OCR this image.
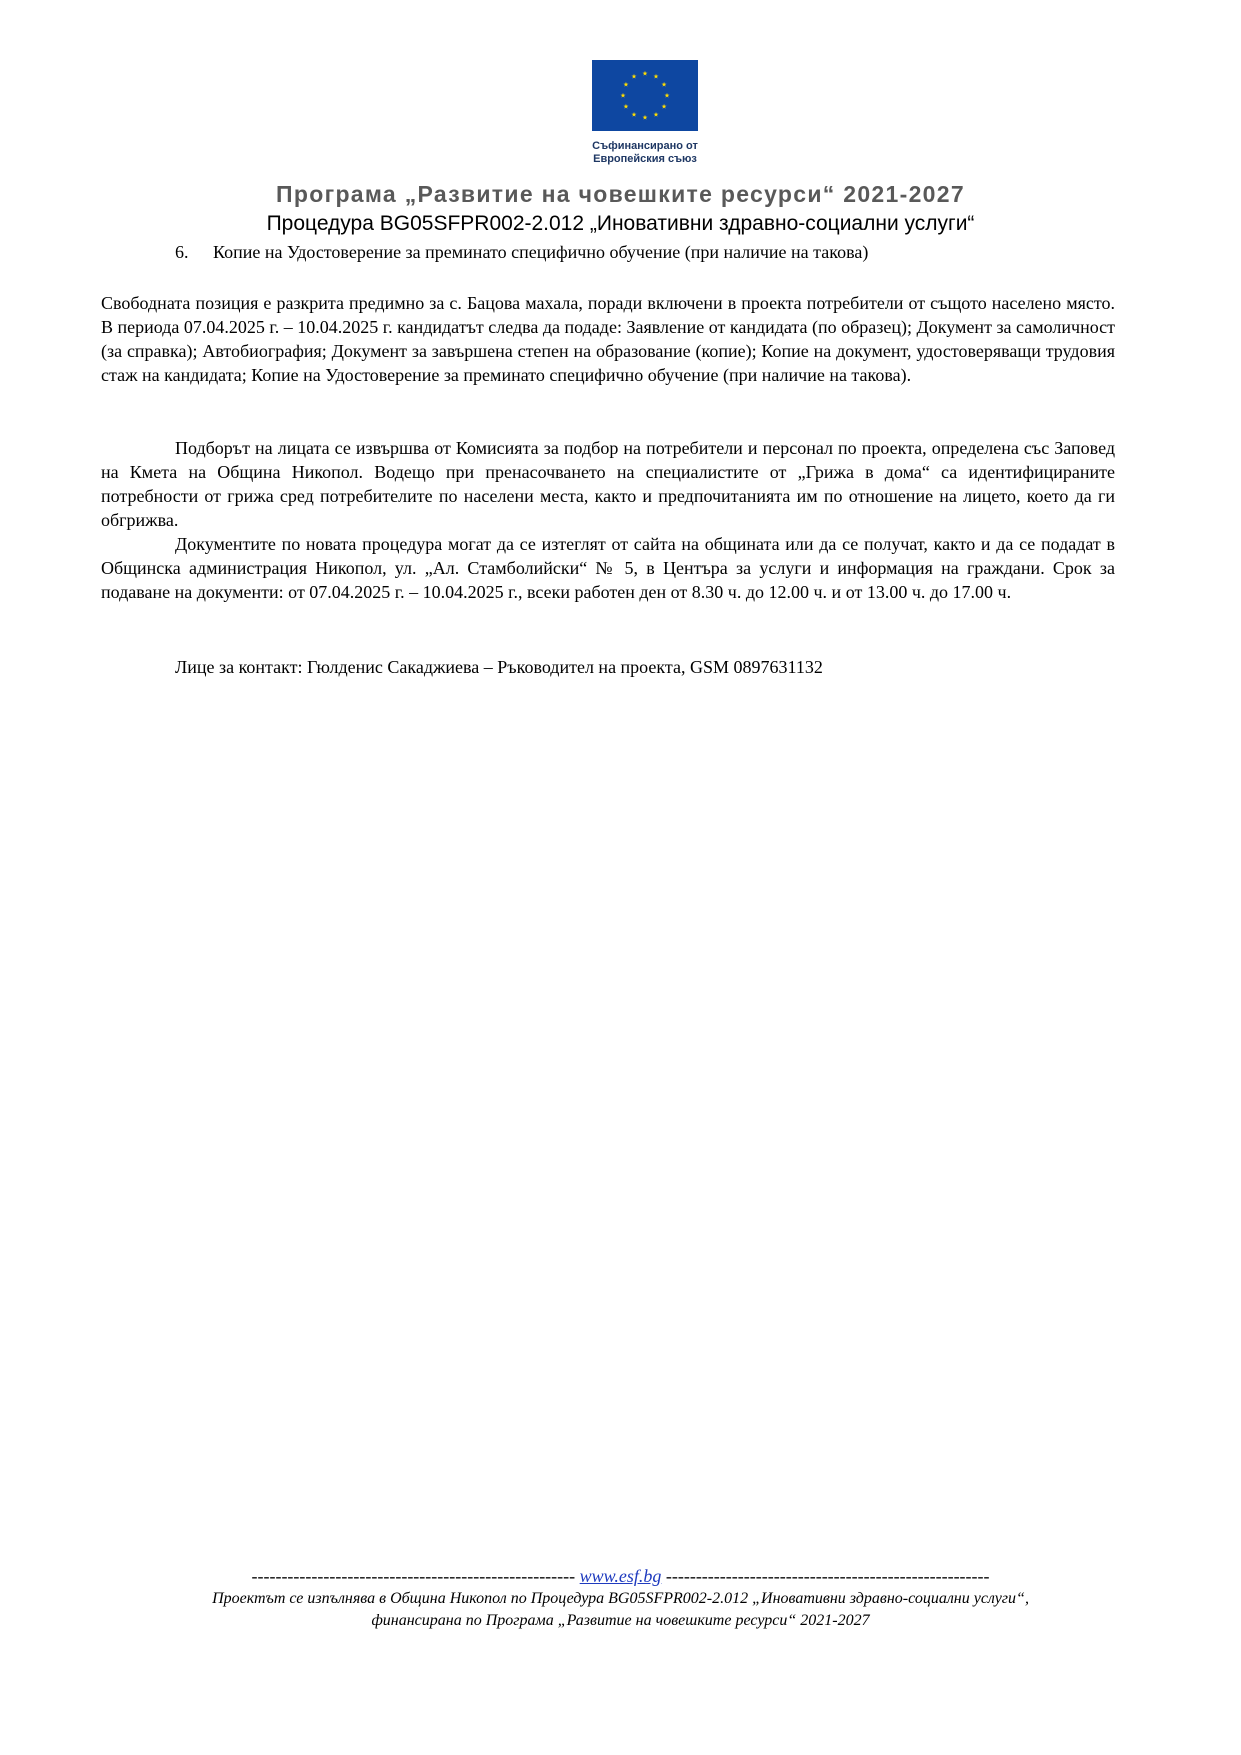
Съфинансирано от
Европейския съюз
Програма „Развитие на човешките ресурси“ 2021-2027
Процедура BG05SFPR002-2.012 „Иновативни здравно-социални услуги“
6. Копие на Удостоверение за преминато специфично обучение (при наличие на такова)

Свободната позиция е разкрита предимно за с. Бацова махала, поради включени в проекта потребители от същото населено място. В периода 07.04.2025 г. – 10.04.2025 г. кандидатът следва да подаде: Заявление от кандидата (по образец); Документ за самоличност (за справка); Автобиография; Документ за завършена степен на образование (копие); Копие на документ, удостоверяващи трудовия стаж на кандидата; Копие на Удостоверение за преминато специфично обучение (при наличие на такова).

Подборът на лицата се извършва от Комисията за подбор на потребители и персонал по проекта, определена със Заповед на Кмета на Община Никопол. Водещо при пренасочването на специалистите от „Грижа в дома“ са идентифицираните потребности от грижа сред потребителите по населени места, както и предпочитанията им по отношение на лицето, което да ги обгрижва.

Документите по новата процедура могат да се изтеглят от сайта на общината или да се получат, както и да се подадат в Общинска администрация Никопол, ул. „Ал. Стамболийски“ № 5, в Центъра за услуги и информация на граждани. Срок за подаване на документи: от 07.04.2025 г. – 10.04.2025 г., всеки работен ден от 8.30 ч. до 12.00 ч. и от 13.00 ч. до 17.00 ч.

Лице за контакт: Гюлденис Сакаджиева – Ръководител на проекта, GSM 0897631132
------------------------------------------------------ www.esf.bg ------------------------------------------------------
Проектът се изпълнява в Община Никопол по Процедура BG05SFPR002-2.012 „Иновативни здравно-социални услуги“,
финансирана по Програма „Развитие на човешките ресурси“ 2021-2027
